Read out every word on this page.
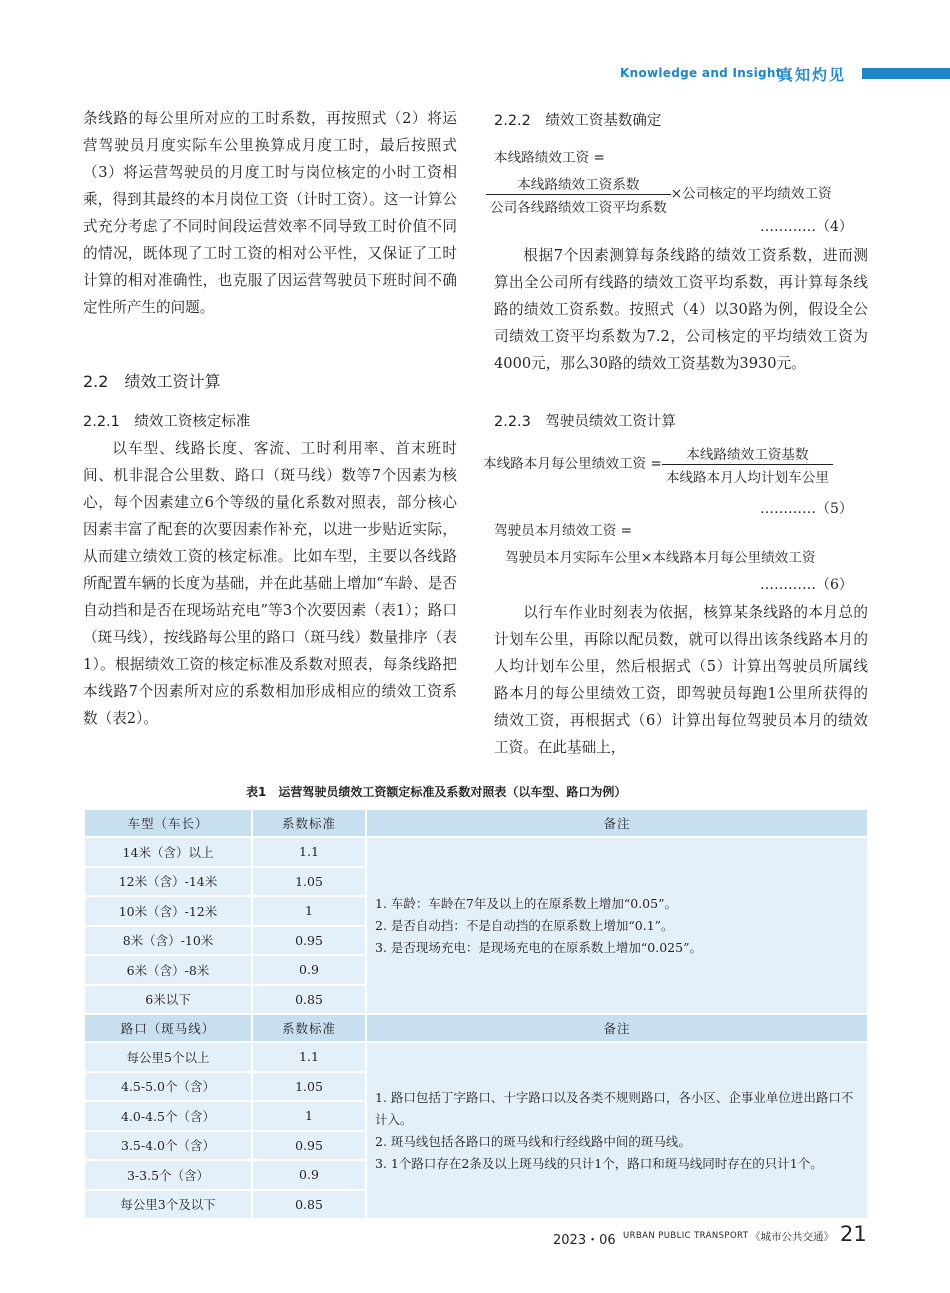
Knowledge and Insight
真知灼见

条线路的每公里所对应的工时系数，再按照式（2）将运营驾驶员月度实际车公里换算成月度工时，最后按照式（3）将运营驾驶员的月度工时与岗位核定的小时工资相乘，得到其最终的本月岗位工资（计时工资）。这一计算公式充分考虑了不同时间段运营效率不同导致工时价值不同的情况，既体现了工时工资的相对公平性，又保证了工时计算的相对准确性，也克服了因运营驾驶员下班时间不确定性所产生的问题。

2.2　绩效工资计算
2.2.1　绩效工资核定标准

以车型、线路长度、客流、工时利用率、首末班时间、机非混合公里数、路口（斑马线）数等7个因素为核心，每个因素建立6个等级的量化系数对照表，部分核心因素丰富了配套的次要因素作补充，以进一步贴近实际，从而建立绩效工资的核定标准。比如车型，主要以各线路所配置车辆的长度为基础，并在此基础上增加“车龄、是否自动挡和是否在现场站充电”等3个次要因素（表1）；路口（斑马线），按线路每公里的路口（斑马线）数量排序（表1）。根据绩效工资的核定标准及系数对照表，每条线路把本线路7个因素所对应的系数相加形成相应的绩效工资系数（表2）。

2.2.2　绩效工资基数确定
本线路绩效工资 =
$\frac{\text{本线路绩效工资系数}}{\text{公司各线路绩效工资平均系数}}$ ×公司核定的平均绩效工资
…………（4）

根据7个因素测算每条线路的绩效工资系数，进而测算出全公司所有线路的绩效工资平均系数，再计算每条线路的绩效工资系数。按照式（4）以30路为例，假设全公司绩效工资平均系数为7.2，公司核定的平均绩效工资为4000元，那么30路的绩效工资基数为3930元。

2.2.3　驾驶员绩效工资计算
本线路本月每公里绩效工资 = $\frac{\text{本线路绩效工资基数}}{\text{本线路本月人均计划车公里}}$
…………（5）
驾驶员本月绩效工资 =
驾驶员本月实际车公里×本线路本月每公里绩效工资
…………（6）

以行车作业时刻表为依据，核算某条线路的本月总的计划车公里，再除以配员数，就可以得出该条线路本月的人均计划车公里，然后根据式（5）计算出驾驶员所属线路本月的每公里绩效工资，即驾驶员每跑1公里所获得的绩效工资，再根据式（6）计算出每位驾驶员本月的绩效工资。在此基础上，

表1　运营驾驶员绩效工资额定标准及系数对照表（以车型、路口为例）
车型（车长）	系数标准	备注
14米（含）以上	1.1	1. 车龄：车龄在7年及以上的在原系数上增加“0.05”。
2. 是否自动挡：不是自动挡的在原系数上增加“0.1”。
3. 是否现场充电：是现场充电的在原系数上增加“0.025”。

12米（含）-14米	1.05	
10米（含）-12米	1	
8米（含）-10米	0.95	
6米（含）-8米	0.9	
6米以下	0.85	
路口（斑马线）	系数标准	备注
每公里5个以上	1.1	1. 路口包括丁字路口、十字路口以及各类不规则路口，各小区、企事业单位进出路口不计入。
2. 斑马线包括各路口的斑马线和行经线路中间的斑马线。
3. 1个路口存在2条及以上斑马线的只计1个，路口和斑马线同时存在的只计1个。

4.5-5.0个（含）	1.05	
4.0-4.5个（含）	1	
3.5-4.0个（含）	0.95	
3-3.5个（含）	0.9	
每公里3个及以下	0.85	
2023・06 URBAN PUBLIC TRANSPORT 《城市公共交通》 21
